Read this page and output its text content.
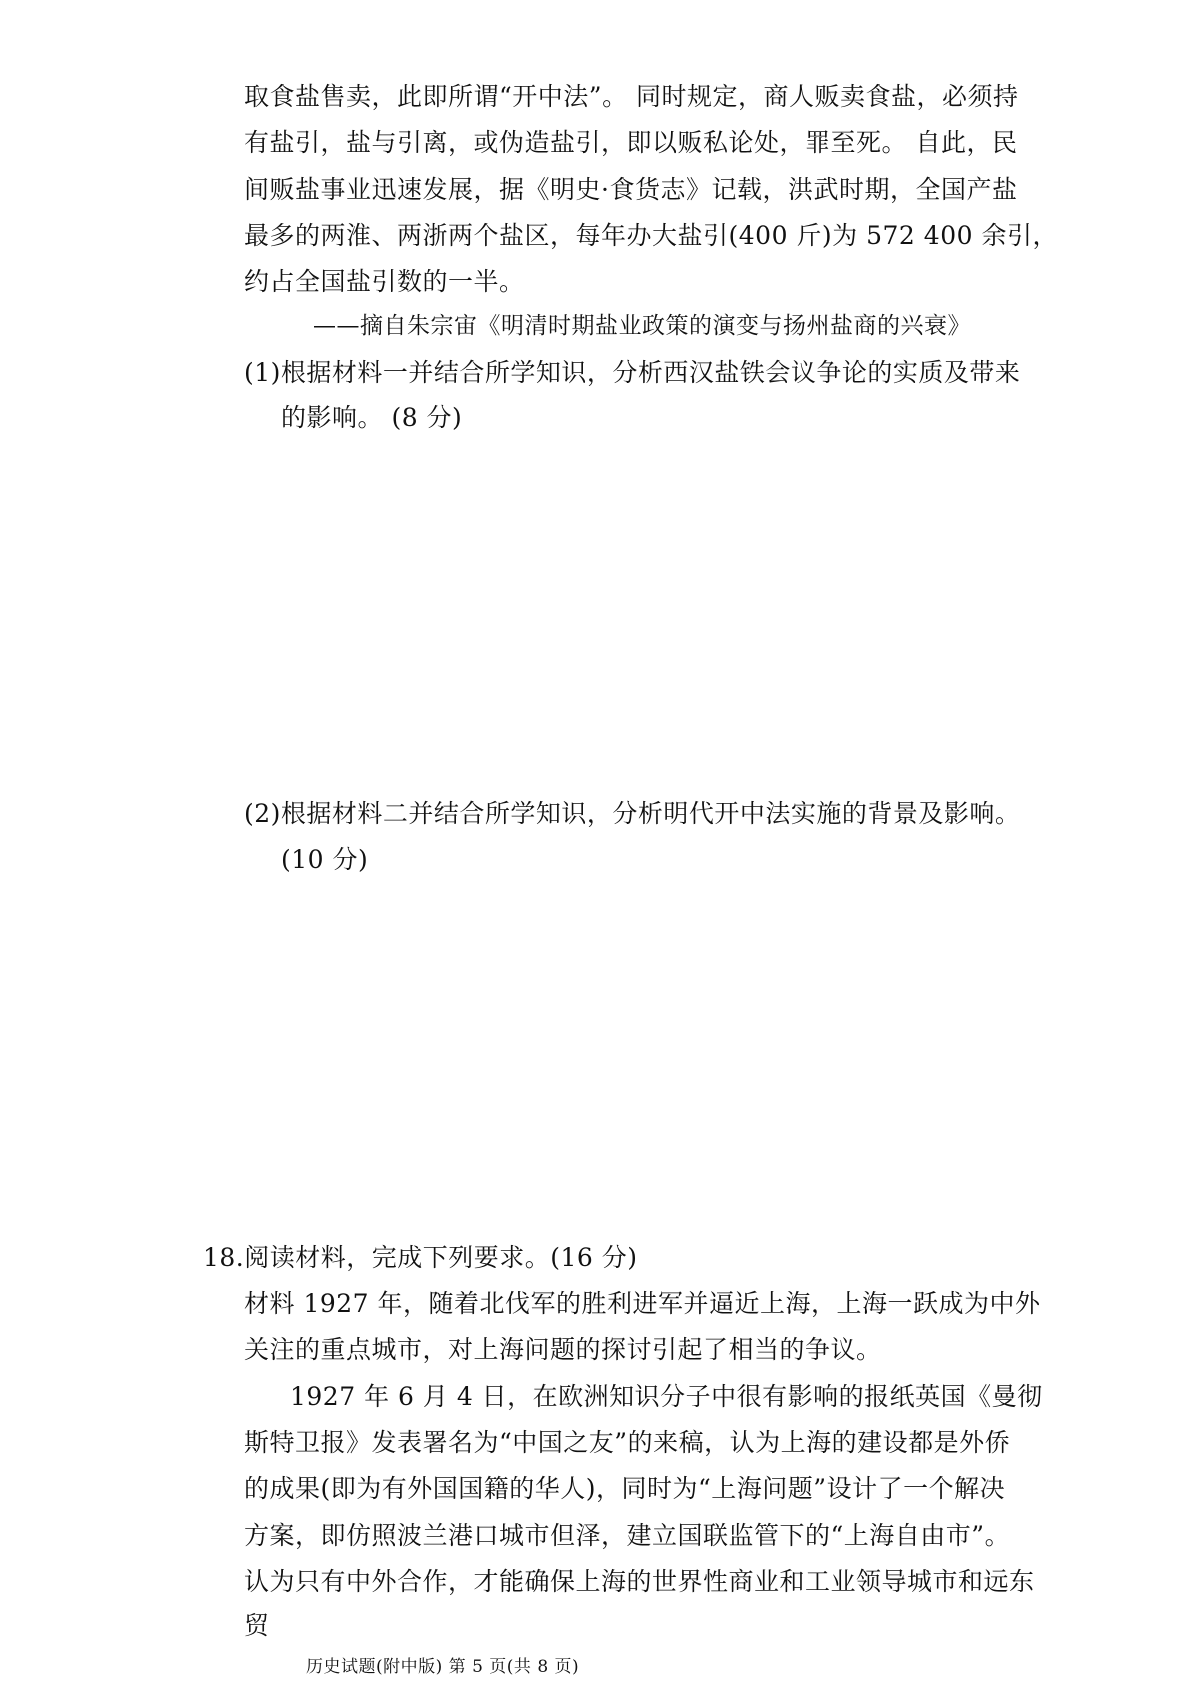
取食盐售卖，此即所谓“开中法”。 同时规定，商人贩卖食盐，必须持
有盐引，盐与引离，或伪造盐引，即以贩私论处，罪至死。 自此，民
间贩盐事业迅速发展，据《明史·食货志》记载，洪武时期，全国产盐
最多的两淮、两浙两个盐区，每年办大盐引(400 斤)为 572 400 余引，
约占全国盐引数的一半。
——摘自朱宗宙《明清时期盐业政策的演变与扬州盐商的兴衰》
(1)根据材料一并结合所学知识，分析西汉盐铁会议争论的实质及带来
的影响。 (8 分)
(2)根据材料二并结合所学知识，分析明代开中法实施的背景及影响。
(10 分)
18.阅读材料，完成下列要求。(16 分)
材料 1927 年，随着北伐军的胜利进军并逼近上海，上海一跃成为中外
关注的重点城市，对上海问题的探讨引起了相当的争议。
1927 年 6 月 4 日，在欧洲知识分子中很有影响的报纸英国《曼彻
斯特卫报》发表署名为“中国之友”的来稿，认为上海的建设都是外侨
的成果(即为有外国国籍的华人)，同时为“上海问题”设计了一个解决
方案，即仿照波兰港口城市但泽，建立国联监管下的“上海自由市”。
认为只有中外合作，才能确保上海的世界性商业和工业领导城市和远东
贸
历史试题(附中版) 第 5 页(共 8 页)
